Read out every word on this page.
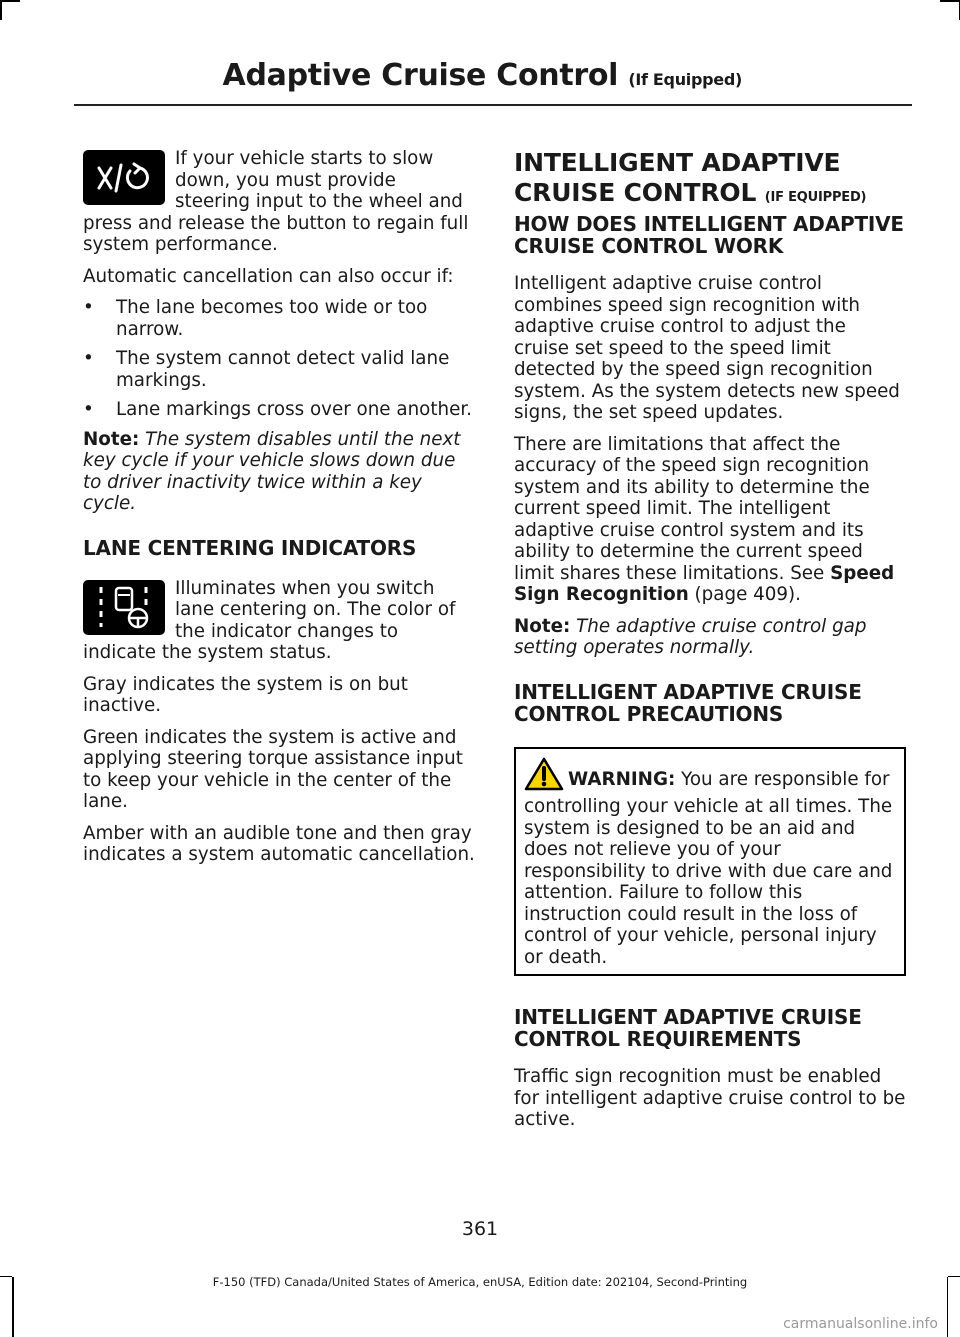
Adaptive Cruise Control (If Equipped)

If your vehicle starts to slow down, you must provide steering input to the wheel and press and release the button to regain full system performance.

Automatic cancellation can also occur if:

• The lane becomes too wide or too narrow.
• The system cannot detect valid lane markings.
• Lane markings cross over one another.

Note: The system disables until the next key cycle if your vehicle slows down due to driver inactivity twice within a key cycle.

LANE CENTERING INDICATORS

Illuminates when you switch lane centering on. The color of the indicator changes to indicate the system status.

Gray indicates the system is on but inactive.

Green indicates the system is active and applying steering torque assistance input to keep your vehicle in the center of the lane.

Amber with an audible tone and then gray indicates a system automatic cancellation.

INTELLIGENT ADAPTIVE
CRUISE CONTROL (IF EQUIPPED)
HOW DOES INTELLIGENT ADAPTIVE CRUISE CONTROL WORK

Intelligent adaptive cruise control combines speed sign recognition with adaptive cruise control to adjust the cruise set speed to the speed limit detected by the speed sign recognition system. As the system detects new speed signs, the set speed updates.

There are limitations that affect the accuracy of the speed sign recognition system and its ability to determine the current speed limit. The intelligent adaptive cruise control system and its ability to determine the current speed limit shares these limitations. See Speed Sign Recognition (page 409).

Note: The adaptive cruise control gap setting operates normally.

INTELLIGENT ADAPTIVE CRUISE CONTROL PRECAUTIONS
WARNING: You are responsible for controlling your vehicle at all times. The system is designed to be an aid and does not relieve you of your responsibility to drive with due care and attention. Failure to follow this instruction could result in the loss of control of your vehicle, personal injury or death.
INTELLIGENT ADAPTIVE CRUISE CONTROL REQUIREMENTS

Traffic sign recognition must be enabled for intelligent adaptive cruise control to be active.

361
F-150 (TFD) Canada/United States of America, enUSA, Edition date: 202104, Second-Printing
carmanualsonline.info
